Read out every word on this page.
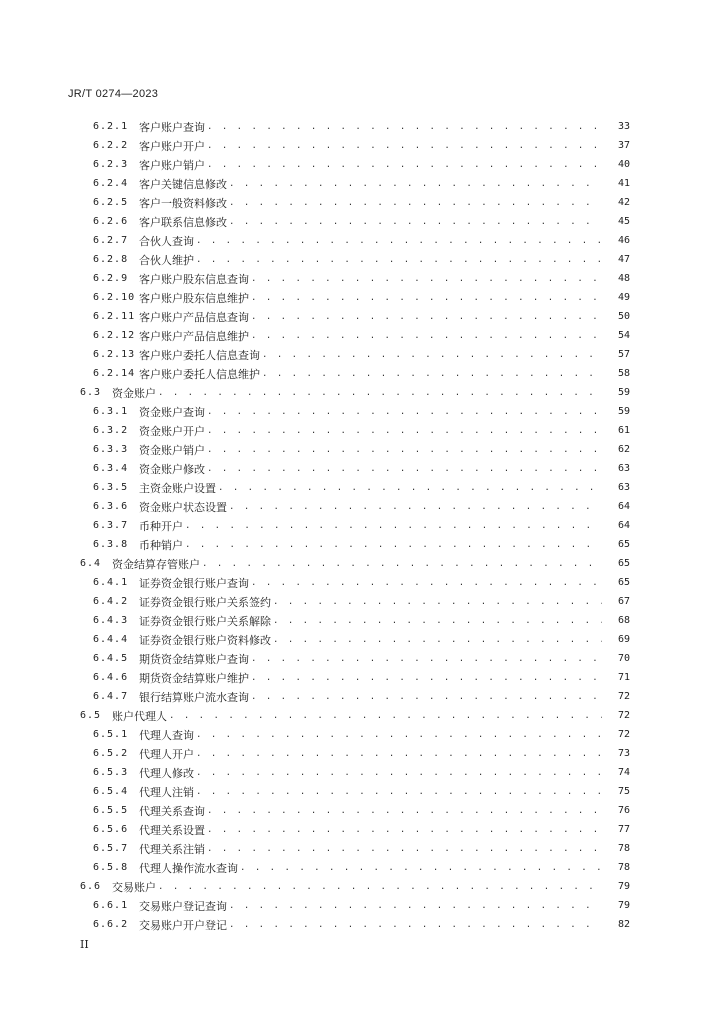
JR/T 0274—2023
6.2.1 客户账户查询 . . .	33
6.2.2 客户账户开户 . . .	37
6.2.3 客户账户销户 . . .	40
6.2.4 客户关键信息修改 . . .	41
6.2.5 客户一般资料修改 . . .	42
6.2.6 客户联系信息修改 . . .	45
6.2.7 合伙人查询 . . .	46
6.2.8 合伙人维护 . . .	47
6.2.9 客户账户股东信息查询 . . .	48
6.2.10 客户账户股东信息维护 . . .	49
6.2.11 客户账户产品信息查询 . . .	50
6.2.12 客户账户产品信息维护 . . .	54
6.2.13 客户账户委托人信息查询 . . .	57
6.2.14 客户账户委托人信息维护 . . .	58
6.3 资金账户 . . .	59
6.3.1 资金账户查询 . . .	59
6.3.2 资金账户开户 . . .	61
6.3.3 资金账户销户 . . .	62
6.3.4 资金账户修改 . . .	63
6.3.5 主资金账户设置 . . .	63
6.3.6 资金账户状态设置 . . .	64
6.3.7 币种开户 . . .	64
6.3.8 币种销户 . . .	65
6.4 资金结算存管账户 . . .	65
6.4.1 证券资金银行账户查询 . . .	65
6.4.2 证券资金银行账户关系签约 . . .	67
6.4.3 证券资金银行账户关系解除 . . .	68
6.4.4 证券资金银行账户资料修改 . . .	69
6.4.5 期货资金结算账户查询 . . .	70
6.4.6 期货资金结算账户维护 . . .	71
6.4.7 银行结算账户流水查询 . . .	72
6.5 账户代理人 . . .	72
6.5.1 代理人查询 . . .	72
6.5.2 代理人开户 . . .	73
6.5.3 代理人修改 . . .	74
6.5.4 代理人注销 . . .	75
6.5.5 代理关系查询 . . .	76
6.5.6 代理关系设置 . . .	77
6.5.7 代理关系注销 . . .	78
6.5.8 代理人操作流水查询 . . .	78
6.6 交易账户 . . .	79
6.6.1 交易账户登记查询 . . .	79
6.6.2 交易账户开户登记 . . .	82
II
